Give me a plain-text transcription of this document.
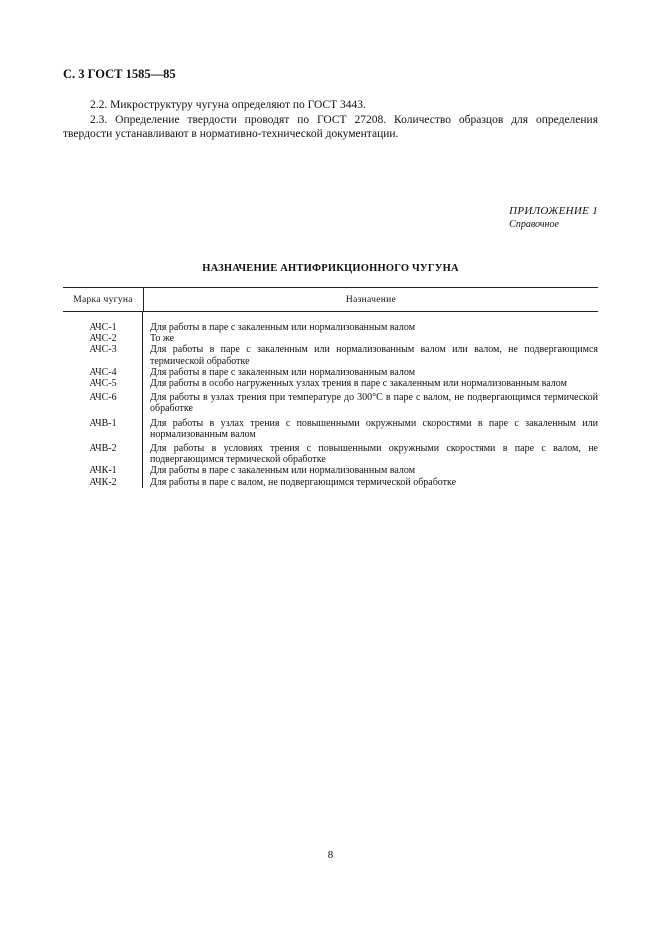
С. 3 ГОСТ 1585—85
2.2. Микроструктуру чугуна определяют по ГОСТ 3443.
2.3. Определение твердости проводят по ГОСТ 27208. Количество образцов для определения твердости устанавливают в нормативно-технической документации.
ПРИЛОЖЕНИЕ 1
Справочное
НАЗНАЧЕНИЕ АНТИФРИКЦИОННОГО ЧУГУНА
Марка чугуна	Назначение
АЧС-1	Для работы в паре с закаленным или нормализованным валом
АЧС-2	То же
АЧС-3	Для работы в паре с закаленным или нормализованным валом или валом, не подвергающимся термической обработке
АЧС-4	Для работы в паре с закаленным или нормализованным валом
АЧС-5	Для работы в особо нагруженных узлах трения в паре с закаленным или нормализованным валом
АЧС-6	Для работы в узлах трения при температуре до 300°С в паре с валом, не подвергающимся термической обработке
АЧВ-1	Для работы в узлах трения с повышенными окружными скоростями в паре с закаленным или нормализованным валом
АЧВ-2	Для работы в условиях трения с повышенными окружными скоростями в паре с валом, не подвергающимся термической обработке
АЧК-1	Для работы в паре с закаленным или нормализованным валом
АЧК-2	Для работы в паре с валом, не подвергающимся термической обработке
8
